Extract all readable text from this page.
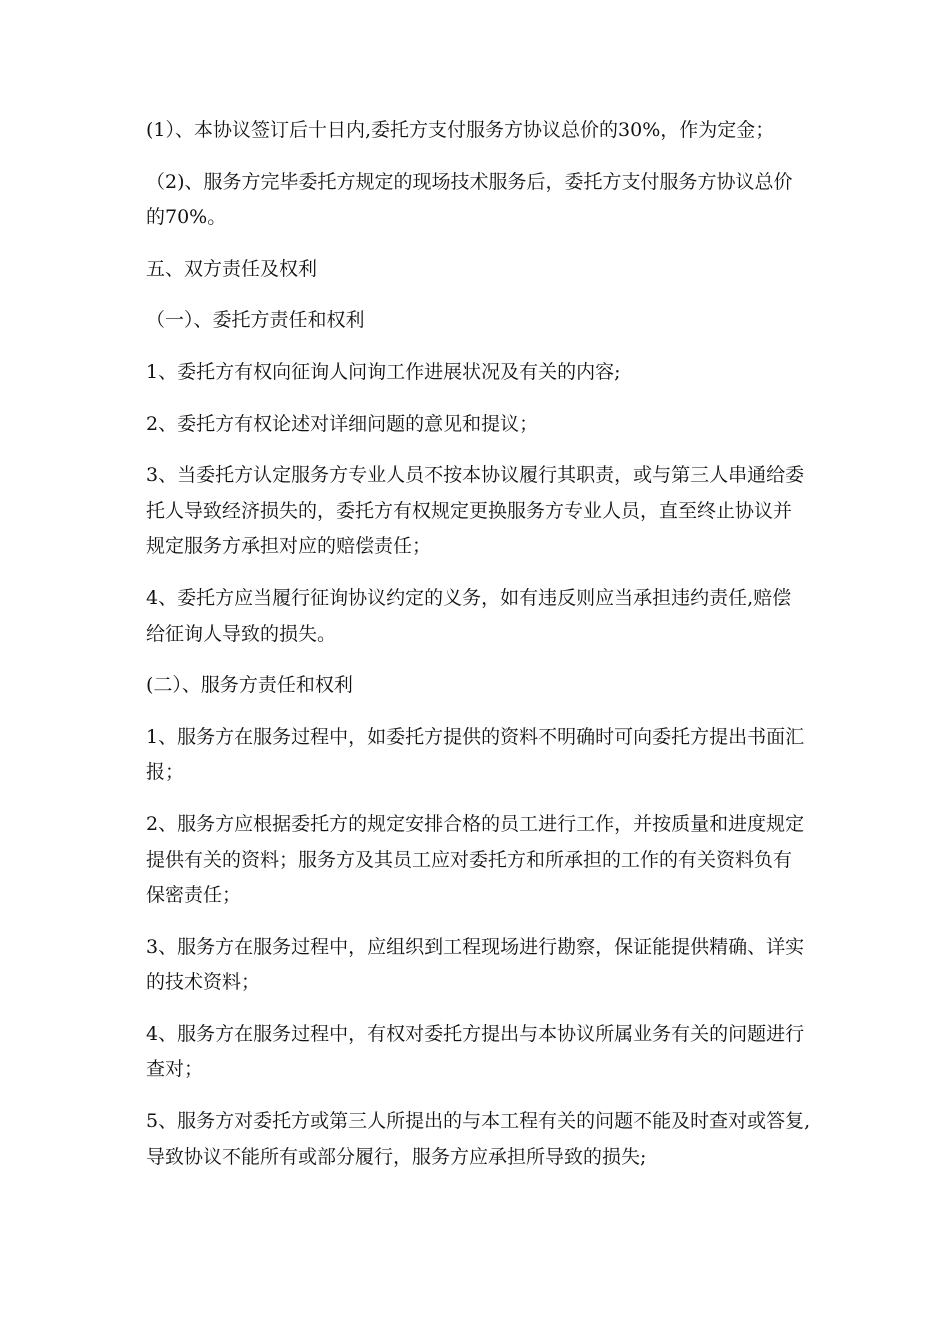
(1）、本协议签订后十日内,委托方支付服务方协议总价的30%，作为定金；
（2)、服务方完毕委托方规定的现场技术服务后，委托方支付服务方协议总价
的70%。
五、双方责任及权利
（一）、委托方责任和权利
1、委托方有权向征询人问询工作进展状况及有关的内容;
2、委托方有权论述对详细问题的意见和提议；
3、当委托方认定服务方专业人员不按本协议履行其职责，或与第三人串通给委
托人导致经济损失的，委托方有权规定更换服务方专业人员，直至终止协议并
规定服务方承担对应的赔偿责任；
4、委托方应当履行征询协议约定的义务，如有违反则应当承担违约责任,赔偿
给征询人导致的损失。
(二）、服务方责任和权利
1、服务方在服务过程中，如委托方提供的资料不明确时可向委托方提出书面汇
报；
2、服务方应根据委托方的规定安排合格的员工进行工作，并按质量和进度规定
提供有关的资料；服务方及其员工应对委托方和所承担的工作的有关资料负有
保密责任；
3、服务方在服务过程中，应组织到工程现场进行勘察，保证能提供精确、详实
的技术资料；
4、服务方在服务过程中，有权对委托方提出与本协议所属业务有关的问题进行
查对；
5、服务方对委托方或第三人所提出的与本工程有关的问题不能及时查对或答复,
导致协议不能所有或部分履行，服务方应承担所导致的损失;
